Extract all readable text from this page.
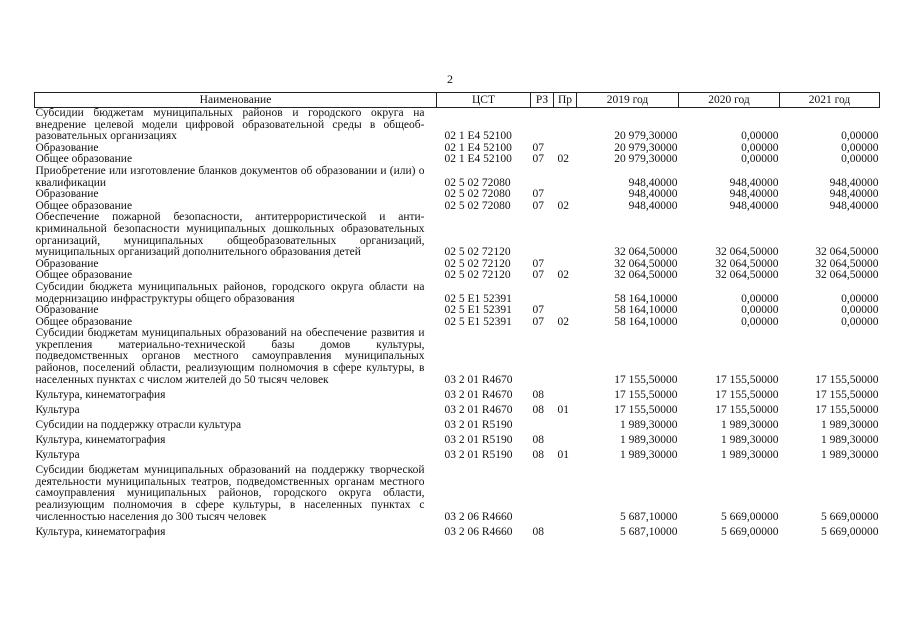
2
Наименование	ЦСТ	РЗ	Пр	2019 год	2020 год	2021 год
Субсидии бюджетам муниципальных районов и городского округа на внедрение целевой модели цифровой образовательной среды в общеобразовательных организациях	02 1 E4 52100			20 979,30000	0,00000	0,00000
Образование	02 1 E4 52100	07		20 979,30000	0,00000	0,00000
Общее образование	02 1 E4 52100	07	02	20 979,30000	0,00000	0,00000
Приобретение или изготовление бланков документов об образовании и (или) о квалификации	02 5 02 72080			948,40000	948,40000	948,40000
Образование	02 5 02 72080	07		948,40000	948,40000	948,40000
Общее образование	02 5 02 72080	07	02	948,40000	948,40000	948,40000
Обеспечение пожарной безопасности, антитеррористической и антикриминальной безопасности муниципальных дошкольных образовательных организаций, муниципальных общеобразовательных организаций, муниципальных организаций дополнительного образования детей	02 5 02 72120			32 064,50000	32 064,50000	32 064,50000
Образование	02 5 02 72120	07		32 064,50000	32 064,50000	32 064,50000
Общее образование	02 5 02 72120	07	02	32 064,50000	32 064,50000	32 064,50000
Субсидии бюджета муниципальных районов, городского округа области на модернизацию инфраструктуры общего образования	02 5 E1 52391			58 164,10000	0,00000	0,00000
Образование	02 5 E1 52391	07		58 164,10000	0,00000	0,00000
Общее образование	02 5 E1 52391	07	02	58 164,10000	0,00000	0,00000
Субсидии бюджетам муниципальных образований на обеспечение развития и укрепления материально-технической базы домов культуры, подведомственных органов местного самоуправления муниципальных районов, поселений области, реализующим полномочия в сфере культуры, в населенных пунктах с числом жителей до 50 тысяч человек	03 2 01 R4670			17 155,50000	17 155,50000	17 155,50000
Культура, кинематография	03 2 01 R4670	08		17 155,50000	17 155,50000	17 155,50000
Культура	03 2 01 R4670	08	01	17 155,50000	17 155,50000	17 155,50000
Субсидии на поддержку отрасли культура	03 2 01 R5190			1 989,30000	1 989,30000	1 989,30000
Культура, кинематография	03 2 01 R5190	08		1 989,30000	1 989,30000	1 989,30000
Культура	03 2 01 R5190	08	01	1 989,30000	1 989,30000	1 989,30000
Субсидии бюджетам муниципальных образований на поддержку творческой деятельности муниципальных театров, подведомственных органам местного самоуправления муниципальных районов, городского округа области, реализующим полномочия в сфере культуры, в населенных пунктах с численностью населения до 300 тысяч человек	03 2 06 R4660			5 687,10000	5 669,00000	5 669,00000
Культура, кинематография	03 2 06 R4660	08		5 687,10000	5 669,00000	5 669,00000
